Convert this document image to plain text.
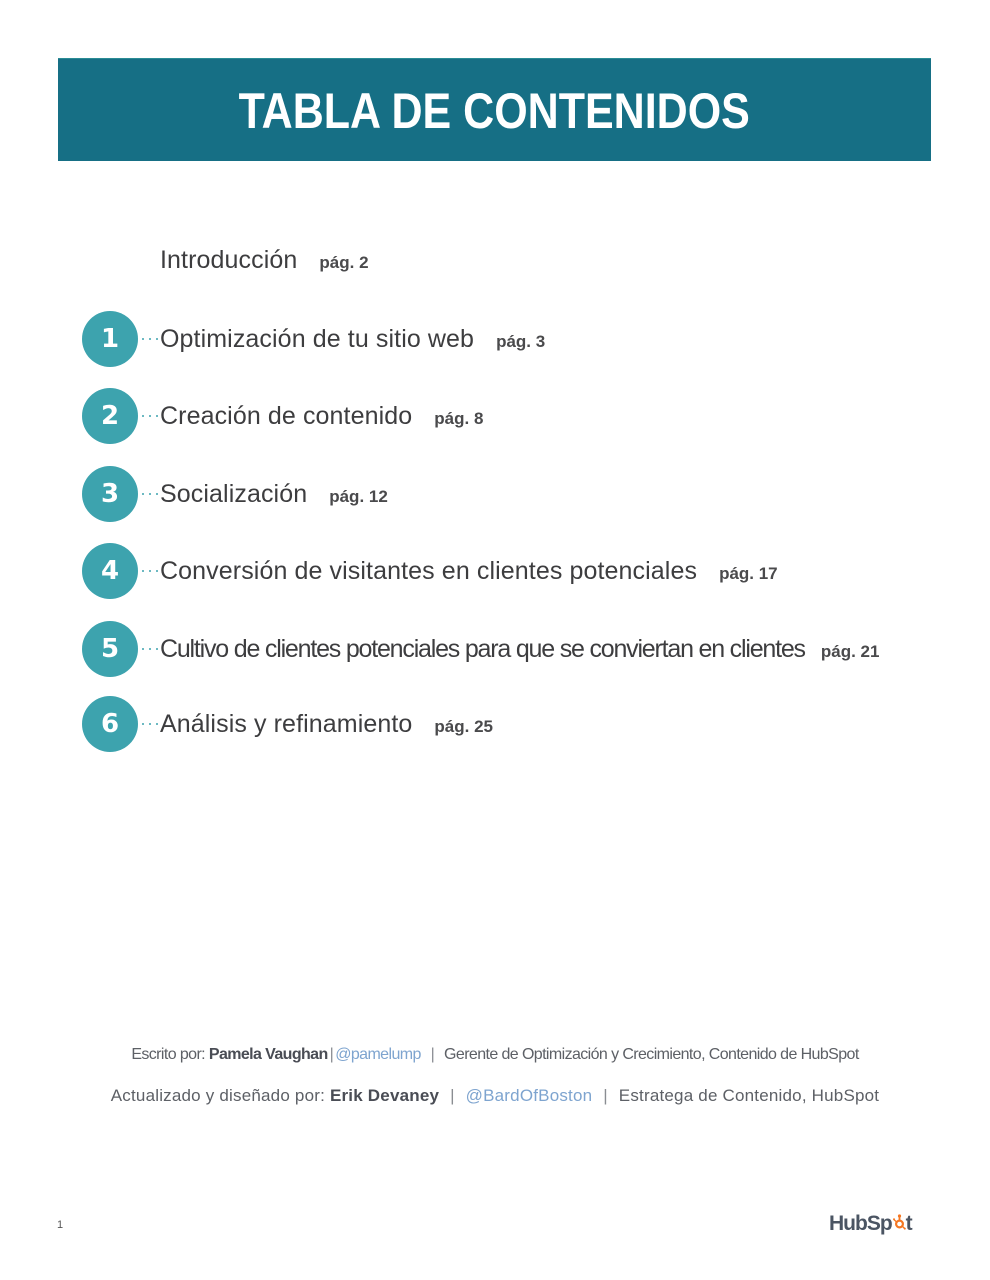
TABLA DE CONTENIDOS
Introducción pág. 2
1	Optimización de tu sitio web pág. 3
2	Creación de contenido pág. 8
3	Socialización pág. 12
4	Conversión de visitantes en clientes potenciales pág. 17
5	Cultivo de clientes potenciales para que se conviertan en clientes pág. 21
6	Análisis y refinamiento pág. 25
Escrito por: Pamela Vaughan | @pamelump | Gerente de Optimización y Crecimiento, Contenido de HubSpot
Actualizado y diseñado por: Erik Devaney | @BardOfBoston | Estratega de Contenido, HubSpot
1	HubSp t
